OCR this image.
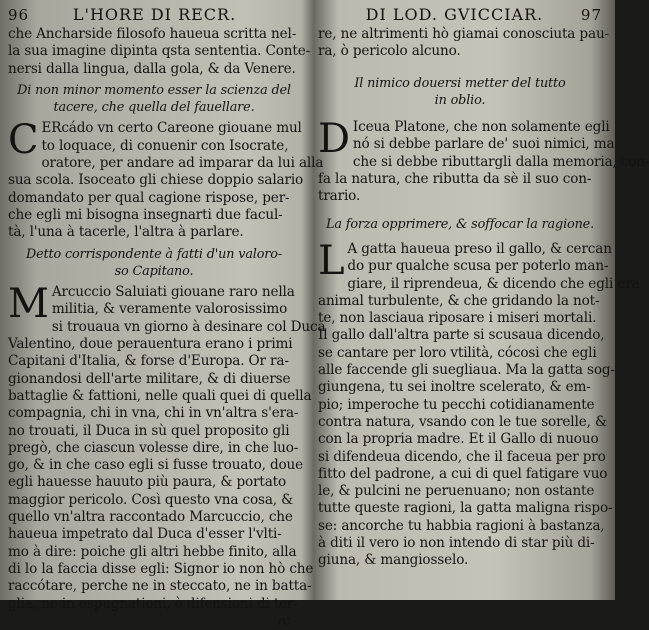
96	L'HORE DI RECR.
che Ancharside filosofo haueua scritta nel-
la sua imagine dipinta qsta sententia. Conte-
nersi dalla lingua, dalla gola, & da Venere.
Di non minor momento esser la scienza del
tacere, che quella del fauellare.
C ERcádo vn certo Careone giouane mul
to loquace, di conuenir con Isocrate,
oratore, per andare ad imparar da lui alla
sua scola. Isoceato gli chiese doppio salario
domandato per qual cagione rispose, per-
che egli mi bisogna insegnarti due facul-
tà, l'una à tacerle, l'altra à parlare.
Detto corrispondente à fatti d'un valoro-
so Capitano.
M Arcuccio Saluiati giouane raro nella
militia, & veramente valorosissimo
si trouaua vn giorno à desinare col Duca
Valentino, doue perauentura erano i primi
Capitani d'Italia, & forse d'Europa. Or ra-
gionandosi dell'arte militare, & di diuerse
battaglie & fattioni, nelle quali quei di quella
compagnia, chi in vna, chi in vn'altra s'era-
no trouati, il Duca in sù quel proposito gli
pregò, che ciascun volesse dire, in che luo-
go, & in che caso egli si fusse trouato, doue
egli hauesse hauuto più paura, & portato
maggior pericolo. Così questo vna cosa, &
quello vn'altra raccontado Marcuccio, che
haueua impetrato dal Duca d'esser l'vlti-
mo à dire: poiche gli altri hebbe finito, alla
di lo la faccia disse egli: Signor io non hò che
raccótare, perche ne in steccato, ne in batta-
glia, ne in espugnationi, ò difensioni di ter-
rc
DI LOD. GVICCIAR.	97
re, ne altrimenti hò giamai conosciuta pau-
ra, ò pericolo alcuno.
Il nimico douersi metter del tutto
in oblio.
D Iceua Platone, che non solamente egli
nó si debbe parlare de' suoi nimici, ma
che si debbe ributtargli dalla memoria, con-
fa la natura, che ributta da sè il suo con-
trario.
La forza opprimere, & soffocar la ragione.
L A gatta haueua preso il gallo, & cercan
do pur qualche scusa per poterlo man-
giare, il riprendeua, & dicendo che egli era
animal turbulente, & che gridando la not-
te, non lasciaua riposare i miseri mortali.
Il gallo dall'altra parte si scusaua dicendo,
se cantare per loro vtilità, cócosi che egli
alle faccende gli suegliaua. Ma la gatta sog-
giungena, tu sei inoltre scelerato, & em-
pio; imperoche tu pecchi cotidianamente
contra natura, vsando con le tue sorelle, &
con la propria madre. Et il Gallo di nuouo
si difendeua dicendo, che il faceua per pro
fitto del padrone, a cui di quel fatigare vuo
le, & pulcini ne peruenuano; non ostante
tutte queste ragioni, la gatta maligna rispo-
se: ancorche tu habbia ragioni à bastanza,
à diti il vero io non intendo di star più di-
giuna, & mangiosselo.
